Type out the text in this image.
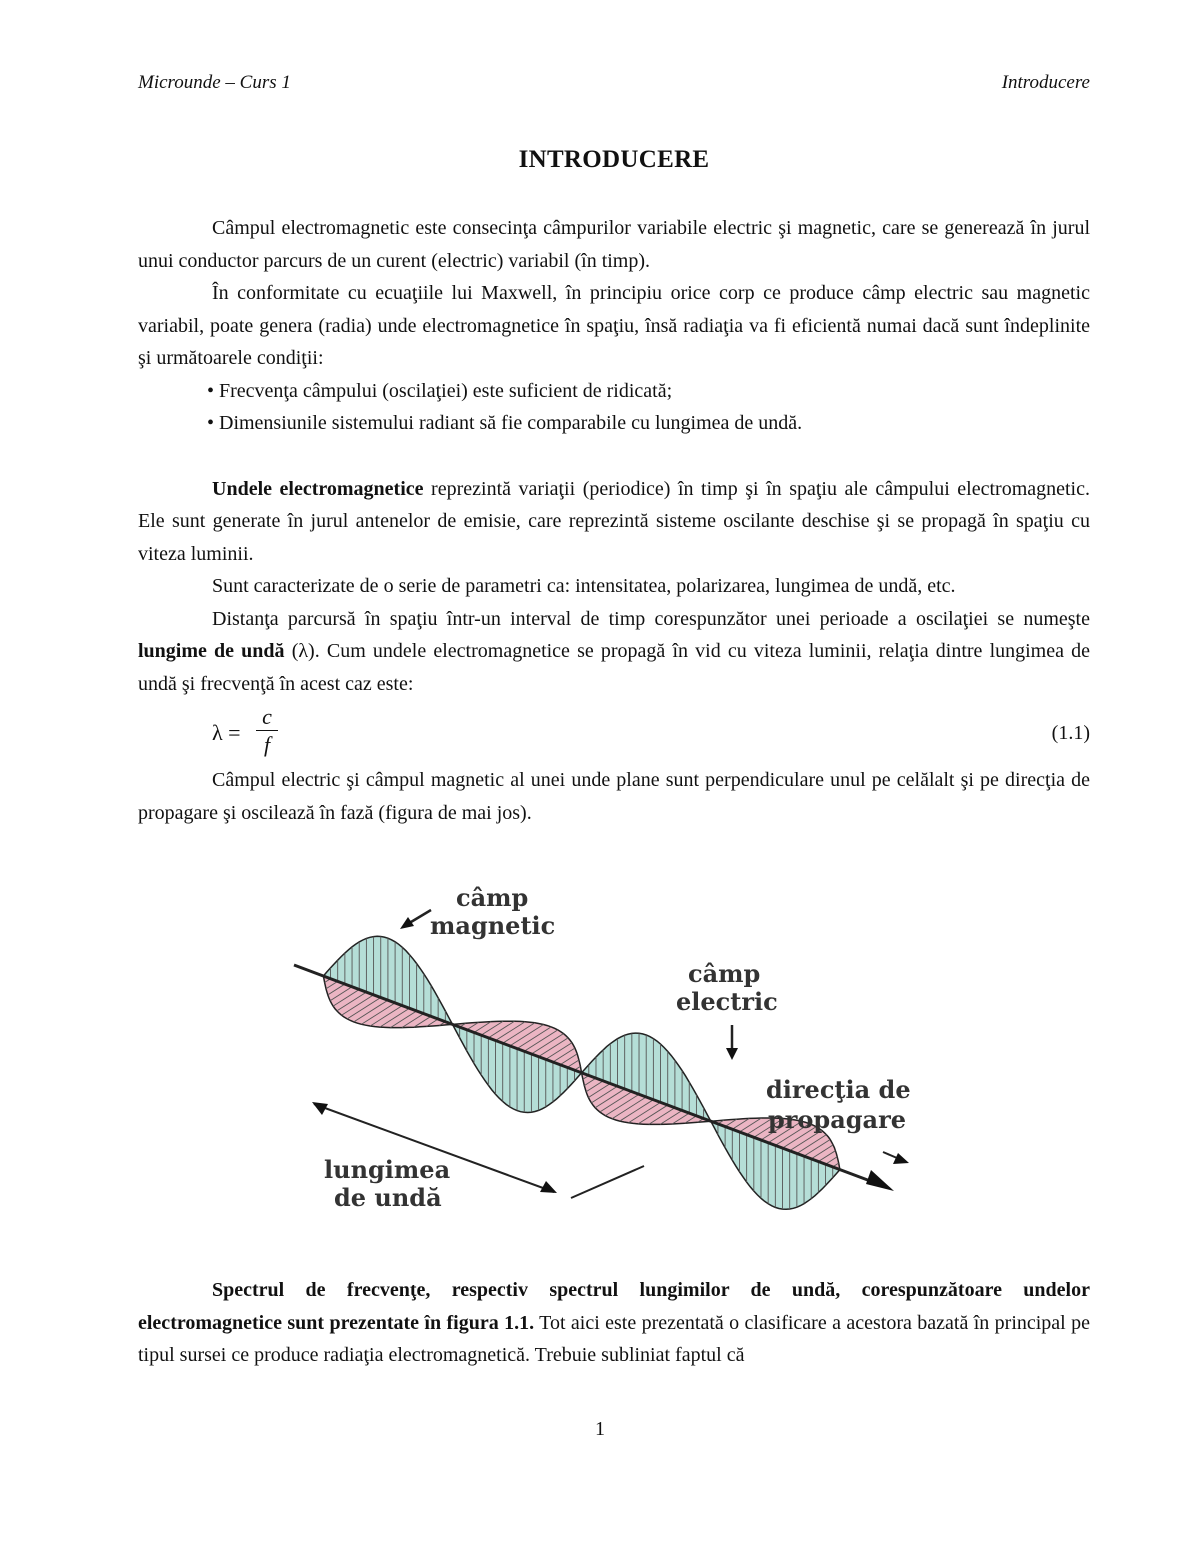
Microunde – Curs 1	Introducere
INTRODUCERE

Câmpul electromagnetic este consecinţa câmpurilor variabile electric şi magnetic, care se generează în jurul unui conductor parcurs de un curent (electric) variabil (în timp).

În conformitate cu ecuaţiile lui Maxwell, în principiu orice corp ce produce câmp electric sau magnetic variabil, poate genera (radia) unde electromagnetice în spaţiu, însă radiaţia va fi eficientă numai dacă sunt îndeplinite şi următoarele condiţii:

• Frecvenţa câmpului (oscilaţiei) este suficient de ridicată;

• Dimensiunile sistemului radiant să fie comparabile cu lungimea de undă.

Undele electromagnetice reprezintă variaţii (periodice) în timp şi în spaţiu ale câmpului electromagnetic. Ele sunt generate în jurul antenelor de emisie, care reprezintă sisteme oscilante deschise şi se propagă în spaţiu cu viteza luminii.

Sunt caracterizate de o serie de parametri ca: intensitatea, polarizarea, lungimea de undă, etc.

Distanţa parcursă în spaţiu într-un interval de timp corespunzător unei perioade a oscilaţiei se numeşte lungime de undă (λ). Cum undele electromagnetice se propagă în vid cu viteza luminii, relaţia dintre lungimea de undă şi frecvenţă în acest caz este:

$\lambda = \frac{c}{f}$	(1.1)

Câmpul electric şi câmpul magnetic al unei unde plane sunt perpendiculare unul pe celălalt şi pe direcţia de propagare şi oscilează în fază (figura de mai jos).

câmp
magnetic
câmp
electric
direcţia de
propagare
lungimea
de undă

Spectrul de frecvenţe, respectiv spectrul lungimilor de undă, corespunzătoare undelor electromagnetice sunt prezentate în figura 1.1. Tot aici este prezentată o clasificare a acestora bazată în principal pe tipul sursei ce produce radiaţia electromagnetică. Trebuie subliniat faptul că

1
